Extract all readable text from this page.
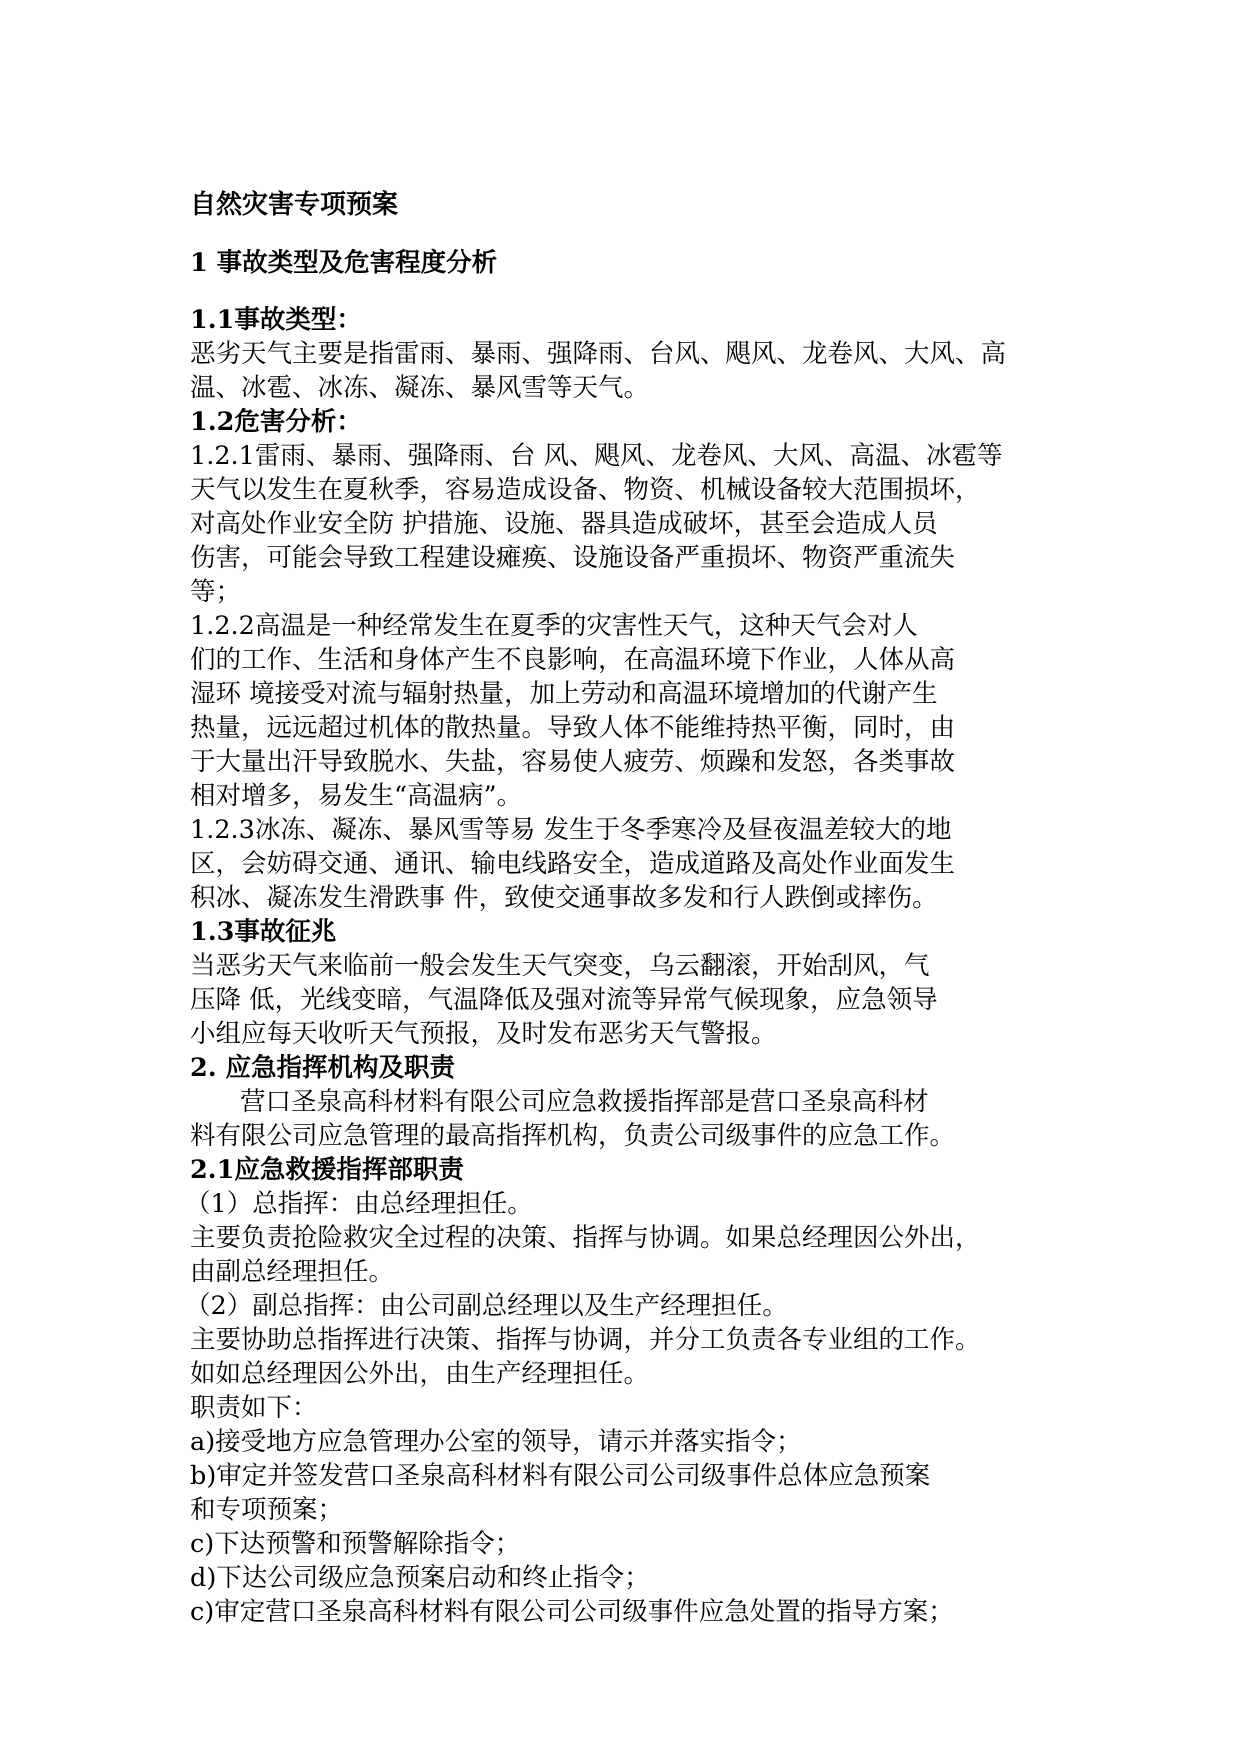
自然灾害专项预案
1 事故类型及危害程度分析
1.1事故类型：
恶劣天气主要是指雷雨、暴雨、强降雨、台风、飓风、龙卷风、大风、高
温、冰雹、冰冻、凝冻、暴风雪等天气。
1.2危害分析：
1.2.1雷雨、暴雨、强降雨、台 风、飓风、龙卷风、大风、高温、冰雹等
天气以发生在夏秋季，容易造成设备、物资、机械设备较大范围损坏，
对高处作业安全防 护措施、设施、器具造成破坏，甚至会造成人员
伤害，可能会导致工程建设瘫痪、设施设备严重损坏、物资严重流失
等；
1.2.2高温是一种经常发生在夏季的灾害性天气，这种天气会对人
们的工作、生活和身体产生不良影响，在高温环境下作业，人体从高
湿环 境接受对流与辐射热量，加上劳动和高温环境增加的代谢产生
热量，远远超过机体的散热量。导致人体不能维持热平衡，同时，由
于大量出汗导致脱水、失盐，容易使人疲劳、烦躁和发怒，各类事故
相对增多，易发生“高温病”。
1.2.3冰冻、凝冻、暴风雪等易 发生于冬季寒冷及昼夜温差较大的地
区，会妨碍交通、通讯、输电线路安全，造成道路及高处作业面发生
积冰、凝冻发生滑跌事 件，致使交通事故多发和行人跌倒或摔伤。
1.3事故征兆
当恶劣天气来临前一般会发生天气突变，乌云翻滚，开始刮风，气
压降 低，光线变暗，气温降低及强对流等异常气候现象，应急领导
小组应每天收听天气预报，及时发布恶劣天气警报。
2. 应急指挥机构及职责
营口圣泉高科材料有限公司应急救援指挥部是营口圣泉高科材
料有限公司应急管理的最高指挥机构，负责公司级事件的应急工作。
2.1应急救援指挥部职责
（1）总指挥：由总经理担任。
主要负责抢险救灾全过程的决策、指挥与协调。如果总经理因公外出，
由副总经理担任。
（2）副总指挥：由公司副总经理以及生产经理担任。
主要协助总指挥进行决策、指挥与协调，并分工负责各专业组的工作。
如如总经理因公外出，由生产经理担任。
职责如下：
a)接受地方应急管理办公室的领导，请示并落实指令；
b)审定并签发营口圣泉高科材料有限公司公司级事件总体应急预案
和专项预案；
c)下达预警和预警解除指令；
d)下达公司级应急预案启动和终止指令；
c)审定营口圣泉高科材料有限公司公司级事件应急处置的指导方案；
